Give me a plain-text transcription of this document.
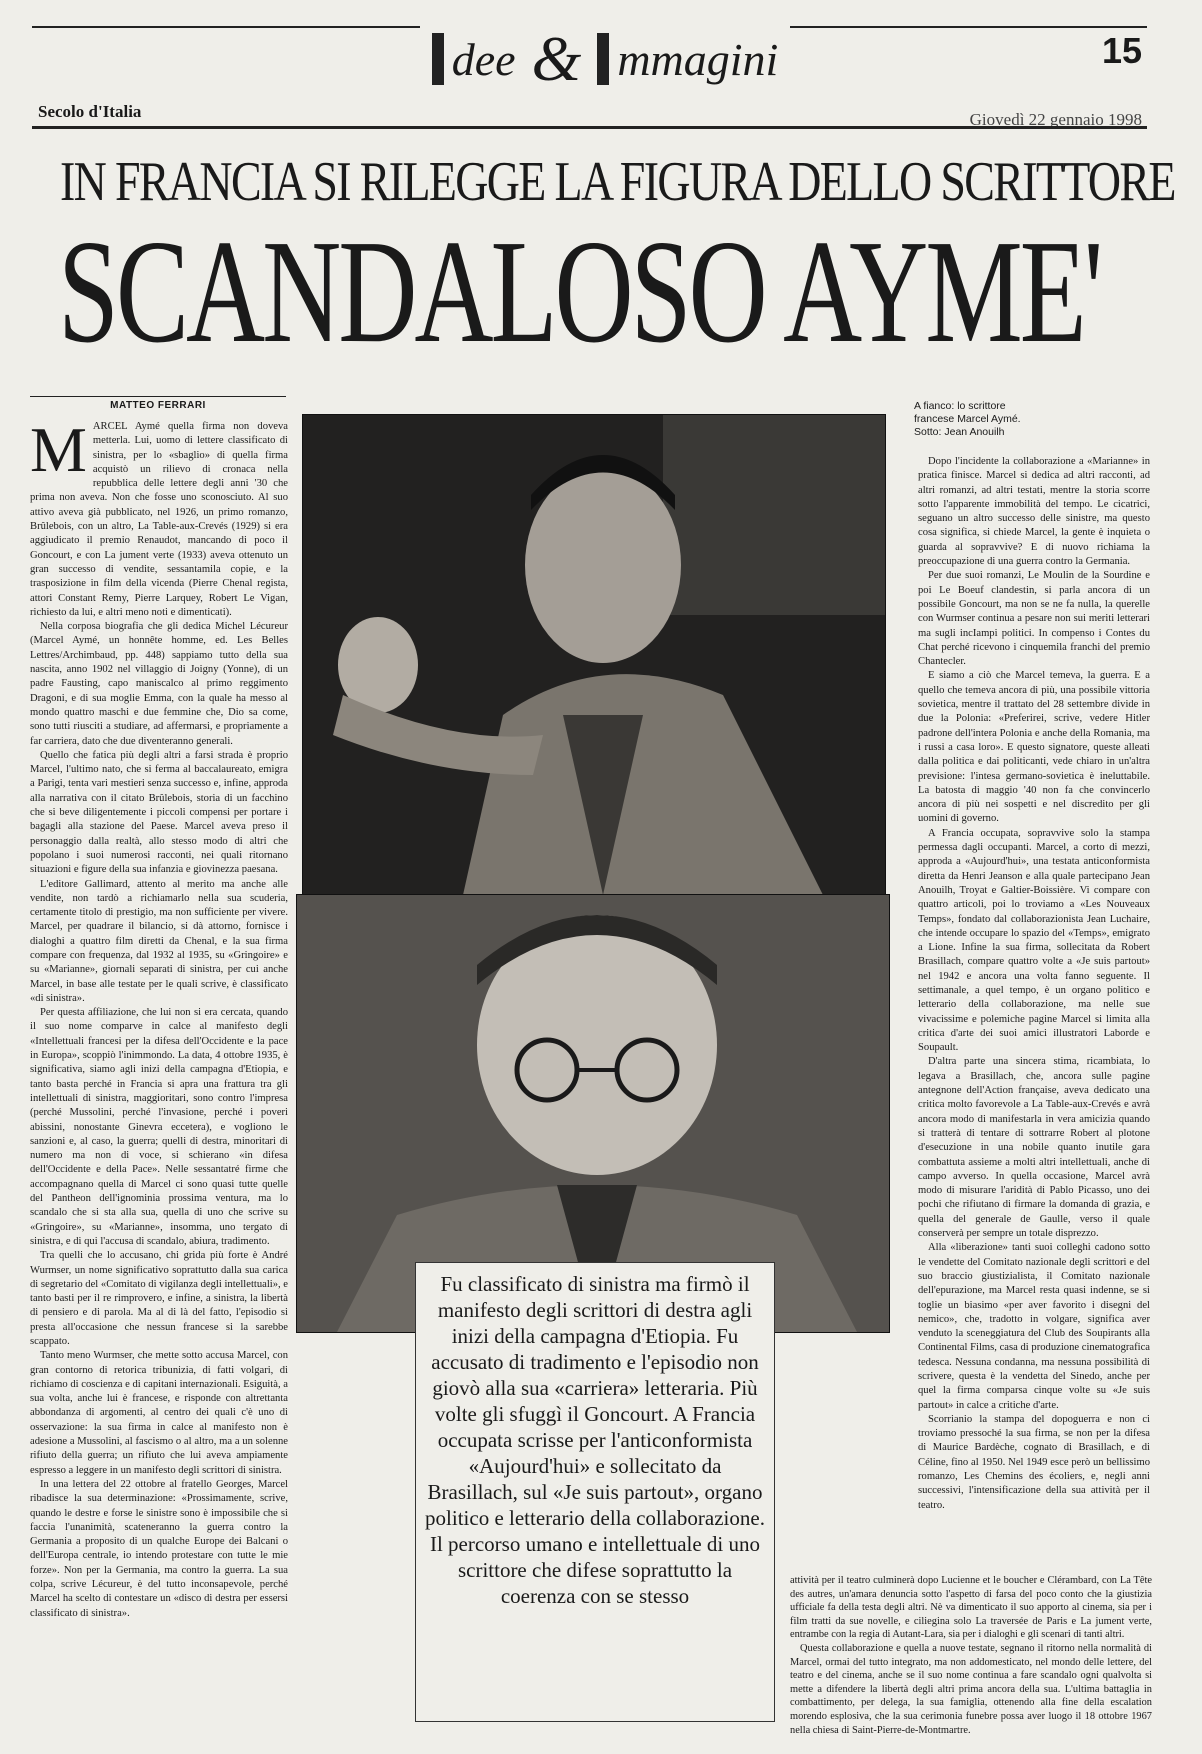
dee & mmagini	15
Secolo d'Italia	Giovedì 22 gennaio 1998
IN FRANCIA SI RILEGGE LA FIGURA DELLO SCRITTORE
SCANDALOSO AYME'
MATTEO FERRARI
M ARCEL Aymé quella firma non doveva metterla. Lui, uomo di lettere classificato di sinistra, per lo «sbaglio» di quella firma acquistò un rilievo di cronaca nella repubblica delle lettere degli anni '30 che prima non aveva. Non che fosse uno sconosciuto. Al suo attivo aveva già pubblicato, nel 1926, un primo romanzo, Brûlebois, con un altro, La Table-aux-Crevés (1929) si era aggiudicato il premio Renaudot, mancando di poco il Goncourt, e con La jument verte (1933) aveva ottenuto un gran successo di vendite, sessantamila copie, e la trasposizione in film della vicenda (Pierre Chenal regista, attori Constant Remy, Pierre Larquey, Robert Le Vigan, richiesto da lui, e altri meno noti e dimenticati).

Nella corposa biografia che gli dedica Michel Lécureur (Marcel Aymé, un honnête homme, ed. Les Belles Lettres/Archimbaud, pp. 448) sappiamo tutto della sua nascita, anno 1902 nel villaggio di Joigny (Yonne), di un padre Fausting, capo maniscalco al primo reggimento Dragoni, e di sua moglie Emma, con la quale ha messo al mondo quattro maschi e due femmine che, Dio sa come, sono tutti riusciti a studiare, ad affermarsi, e propriamente a far carriera, dato che due diventeranno generali.

Quello che fatica più degli altri a farsi strada è proprio Marcel, l'ultimo nato, che si ferma al baccalaureato, emigra a Parigi, tenta vari mestieri senza successo e, infine, approda alla narrativa con il citato Brûlebois, storia di un facchino che si beve diligentemente i piccoli compensi per portare i bagagli alla stazione del Paese. Marcel aveva preso il personaggio dalla realtà, allo stesso modo di altri che popolano i suoi numerosi racconti, nei quali ritornano situazioni e figure della sua infanzia e giovinezza paesana.

L'editore Gallimard, attento al merito ma anche alle vendite, non tardò a richiamarlo nella sua scuderia, certamente titolo di prestigio, ma non sufficiente per vivere. Marcel, per quadrare il bilancio, si dà attorno, fornisce i dialoghi a quattro film diretti da Chenal, e la sua firma compare con frequenza, dal 1932 al 1935, su «Gringoire» e su «Marianne», giornali separati di sinistra, per cui anche Marcel, in base alle testate per le quali scrive, è classificato «di sinistra».

Per questa affiliazione, che lui non si era cercata, quando il suo nome comparve in calce al manifesto degli «Intellettuali francesi per la difesa dell'Occidente e la pace in Europa», scoppiò l'inimmondo. La data, 4 ottobre 1935, è significativa, siamo agli inizi della campagna d'Etiopia, e tanto basta perché in Francia si apra una frattura tra gli intellettuali di sinistra, maggioritari, sono contro l'impresa (perché Mussolini, perché l'invasione, perché i poveri abissini, nonostante Ginevra eccetera), e vogliono le sanzioni e, al caso, la guerra; quelli di destra, minoritari di numero ma non di voce, si schierano «in difesa dell'Occidente e della Pace». Nelle sessantatré firme che accompagnano quella di Marcel ci sono quasi tutte quelle del Pantheon dell'ignominia prossima ventura, ma lo scandalo che si sta alla sua, quella di uno che scrive su «Gringoire», su «Marianne», insomma, uno tergato di sinistra, e di qui l'accusa di scandalo, abiura, tradimento.

Tra quelli che lo accusano, chi grida più forte è André Wurmser, un nome significativo soprattutto dalla sua carica di segretario del «Comitato di vigilanza degli intellettuali», e tanto basti per il re rimprovero, e infine, a sinistra, la libertà di pensiero e di parola. Ma al di là del fatto, l'episodio si presta all'occasione che nessun francese si la sarebbe scappato.

Tanto meno Wurmser, che mette sotto accusa Marcel, con gran contorno di retorica tribunizia, di fatti volgari, di richiamo di coscienza e di capitani internazionali. Esiguità, a sua volta, anche lui è francese, e risponde con altrettanta abbondanza di argomenti, al centro dei quali c'è uno di osservazione: la sua firma in calce al manifesto non è adesione a Mussolini, al fascismo o al altro, ma a un solenne rifiuto della guerra; un rifiuto che lui aveva ampiamente espresso a leggere in un manifesto degli scrittori di sinistra.

In una lettera del 22 ottobre al fratello Georges, Marcel ribadisce la sua determinazione: «Prossimamente, scrive, quando le destre e forse le sinistre sono è impossibile che si faccia l'unanimità, scateneranno la guerra contro la Germania a proposito di un qualche Europe dei Balcani o dell'Europa centrale, io intendo protestare con tutte le mie forze». Non per la Germania, ma contro la guerra. La sua colpa, scrive Lécureur, è del tutto inconsapevole, perché Marcel ha scelto di contestare un «disco di destra per essersi classificato di sinistra».

A fianco: lo scrittore
francese Marcel Aymé.
Sotto: Jean Anouilh

Dopo l'incidente la collaborazione a «Marianne» in pratica finisce. Marcel si dedica ad altri racconti, ad altri romanzi, ad altri testati, mentre la storia scorre sotto l'apparente immobilità del tempo. Le cicatrici, seguano un altro successo delle sinistre, ma questo cosa significa, si chiede Marcel, la gente è inquieta o guarda al sopravvive? E di nuovo richiama la preoccupazione di una guerra contro la Germania.

Per due suoi romanzi, Le Moulin de la Sourdine e poi Le Boeuf clandestin, si parla ancora di un possibile Goncourt, ma non se ne fa nulla, la querelle con Wurmser continua a pesare non sui meriti letterari ma sugli incIampi politici. In compenso i Contes du Chat perché ricevono i cinquemila franchi del premio Chantecler.

E siamo a ciò che Marcel temeva, la guerra. E a quello che temeva ancora di più, una possibile vittoria sovietica, mentre il trattato del 28 settembre divide in due la Polonia: «Preferirei, scrive, vedere Hitler padrone dell'intera Polonia e anche della Romania, ma i russi a casa loro». E questo signatore, queste alleati dalla politica e dai politicanti, vede chiaro in un'altra previsione: l'intesa germano-sovietica è ineluttabile. La batosta di maggio '40 non fa che convincerlo ancora di più nei sospetti e nel discredito per gli uomini di governo.

A Francia occupata, sopravvive solo la stampa permessa dagli occupanti. Marcel, a corto di mezzi, approda a «Aujourd'hui», una testata anticonformista diretta da Henri Jeanson e alla quale partecipano Jean Anouilh, Troyat e Galtier-Boissière. Vi compare con quattro articoli, poi lo troviamo a «Les Nouveaux Temps», fondato dal collaborazionista Jean Luchaire, che intende occupare lo spazio del «Temps», emigrato a Lione. Infine la sua firma, sollecitata da Robert Brasillach, compare quattro volte a «Je suis partout» nel 1942 e ancora una volta fanno seguente. Il settimanale, a quel tempo, è un organo politico e letterario della collaborazione, ma nelle sue vivacissime e polemiche pagine Marcel si limita alla critica d'arte dei suoi amici illustratori Laborde e Soupault.

D'altra parte una sincera stima, ricambiata, lo legava a Brasillach, che, ancora sulle pagine antegnone dell'Action française, aveva dedicato una critica molto favorevole a La Table-aux-Crevés e avrà ancora modo di manifestarla in vera amicizia quando si tratterà di tentare di sottrarre Robert al plotone d'esecuzione in una nobile quanto inutile gara combattuta assieme a molti altri intellettuali, anche di campo avverso. In quella occasione, Marcel avrà modo di misurare l'aridità di Pablo Picasso, uno dei pochi che rifiutano di firmare la domanda di grazia, e quella del generale de Gaulle, verso il quale conserverà per sempre un totale disprezzo.

Alla «liberazione» tanti suoi colleghi cadono sotto le vendette del Comitato nazionale degli scrittori e del suo braccio giustizialista, il Comitato nazionale dell'epurazione, ma Marcel resta quasi indenne, se si toglie un biasimo «per aver favorito i disegni del nemico», che, tradotto in volgare, significa aver venduto la sceneggiatura del Club des Soupirants alla Continental Films, casa di produzione cinematografica tedesca. Nessuna condanna, ma nessuna possibilità di scrivere, questa è la vendetta del Sinedo, anche per quel la firma comparsa cinque volte su «Je suis partout» in calce a critiche d'arte.

Scorrianio la stampa del dopoguerra e non ci troviamo pressoché la sua firma, se non per la difesa di Maurice Bardèche, cognato di Brasillach, e di Céline, fino al 1950. Nel 1949 esce però un bellissimo romanzo, Les Chemins des écoliers, e, negli anni successivi, l'intensificazione della sua attività per il teatro.

attività per il teatro culminerà dopo Lucienne et le boucher e Clérambard, con La Tête des autres, un'amara denuncia sotto l'aspetto di farsa del poco conto che la giustizia ufficiale fa della testa degli altri. Nè va dimenticato il suo apporto al cinema, sia per i film tratti da sue novelle, e ciliegina solo La traversée de Paris e La jument verte, entrambe con la regia di Autant-Lara, sia per i dialoghi e gli scenari di tanti altri.

Questa collaborazione e quella a nuove testate, segnano il ritorno nella normalità di Marcel, ormai del tutto integrato, ma non addomesticato, nel mondo delle lettere, del teatro e del cinema, anche se il suo nome continua a fare scandalo ogni qualvolta si mette a difendere la libertà degli altri prima ancora della sua. L'ultima battaglia in combattimento, per delega, la sua famiglia, ottenendo alla fine della escalation morendo esplosiva, che la sua cerimonia funebre possa aver luogo il 18 ottobre 1967 nella chiesa di Saint-Pierre-de-Montmartre.

Fu classificato di sinistra ma firmò il manifesto degli scrittori di destra agli inizi della campagna d'Etiopia. Fu accusato di tradimento e l'episodio non giovò alla sua «carriera» letteraria. Più volte gli sfuggì il Goncourt. A Francia occupata scrisse per l'anticonformista «Aujourd'hui» e sollecitato da Brasillach, sul «Je suis partout», organo politico e letterario della collaborazione. Il percorso umano e intellettuale di uno scrittore che difese soprattutto la coerenza con se stesso
